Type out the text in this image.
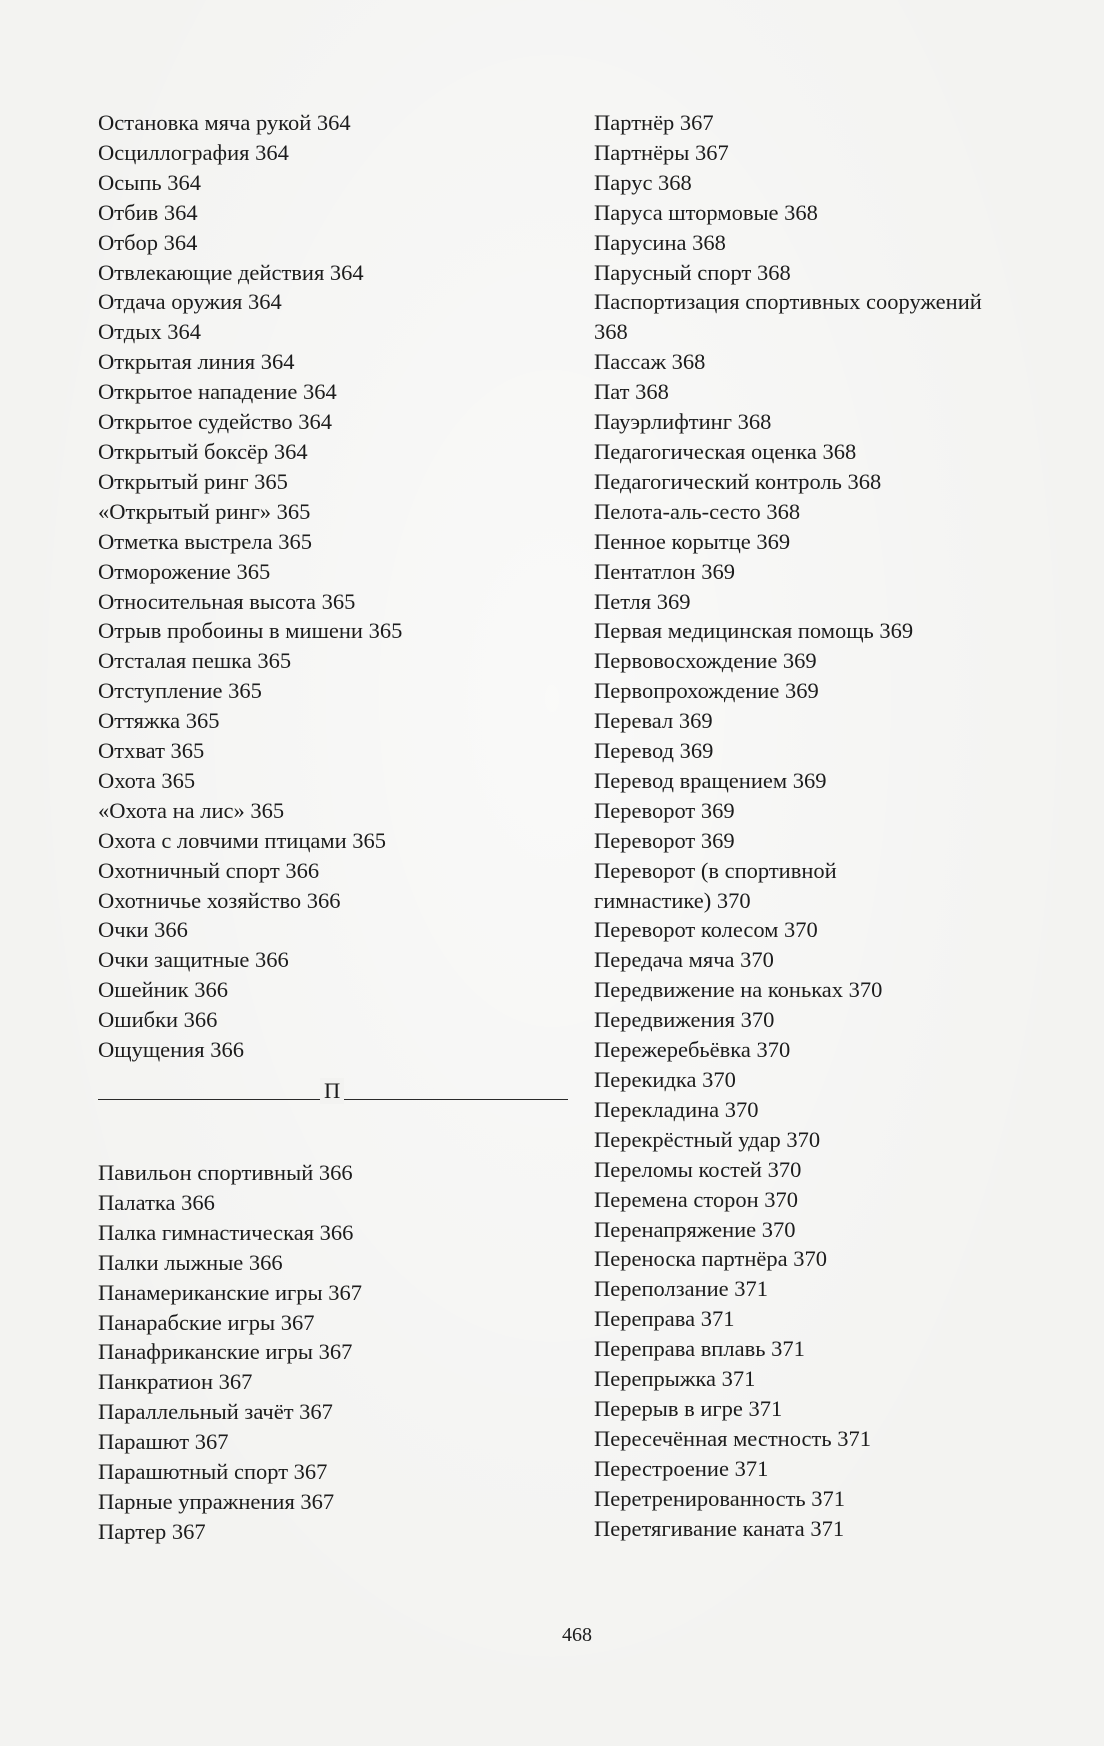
Остановка мяча рукой 364

Осциллография 364

Осыпь 364

Отбив 364

Отбор 364

Отвлекающие действия 364

Отдача оружия 364

Отдых 364

Открытая линия 364

Открытое нападение 364

Открытое судейство 364

Открытый боксёр 364

Открытый ринг 365

«Открытый ринг» 365

Отметка выстрела 365

Отморожение 365

Относительная высота 365

Отрыв пробоины в мишени 365

Отсталая пешка 365

Отступление 365

Оттяжка 365

Отхват 365

Охота 365

«Охота на лис» 365

Охота с ловчими птицами 365

Охотничный спорт 366

Охотничье хозяйство 366

Очки 366

Очки защитные 366

Ошейник 366

Ошибки 366

Ощущения 366

П

Павильон спортивный 366

Палатка 366

Палка гимнастическая 366

Палки лыжные 366

Панамериканские игры 367

Панарабские игры 367

Панафриканские игры 367

Панкратион 367

Параллельный зачёт 367

Парашют 367

Парашютный спорт 367

Парные упражнения 367

Партер 367

Партнёр 367

Партнёры 367

Парус 368

Паруса штормовые 368

Парусина 368

Парусный спорт 368

Паспортизация спортивных сооружений

368

Пассаж 368

Пат 368

Пауэрлифтинг 368

Педагогическая оценка 368

Педагогический контроль 368

Пелота-аль-сесто 368

Пенное корытце 369

Пентатлон 369

Петля 369

Первая медицинская помощь 369

Первовосхождение 369

Первопрохождение 369

Перевал 369

Перевод 369

Перевод вращением 369

Переворот 369

Переворот 369

Переворот (в спортивной

гимнастике) 370

Переворот колесом 370

Передача мяча 370

Передвижение на коньках 370

Передвижения 370

Пережеребьёвка 370

Перекидка 370

Перекладина 370

Перекрёстный удар 370

Переломы костей 370

Перемена сторон 370

Перенапряжение 370

Переноска партнёра 370

Переползание 371

Переправа 371

Переправа вплавь 371

Перепрыжка 371

Перерыв в игре 371

Пересечённая местность 371

Перестроение 371

Перетренированность 371

Перетягивание каната 371

468
